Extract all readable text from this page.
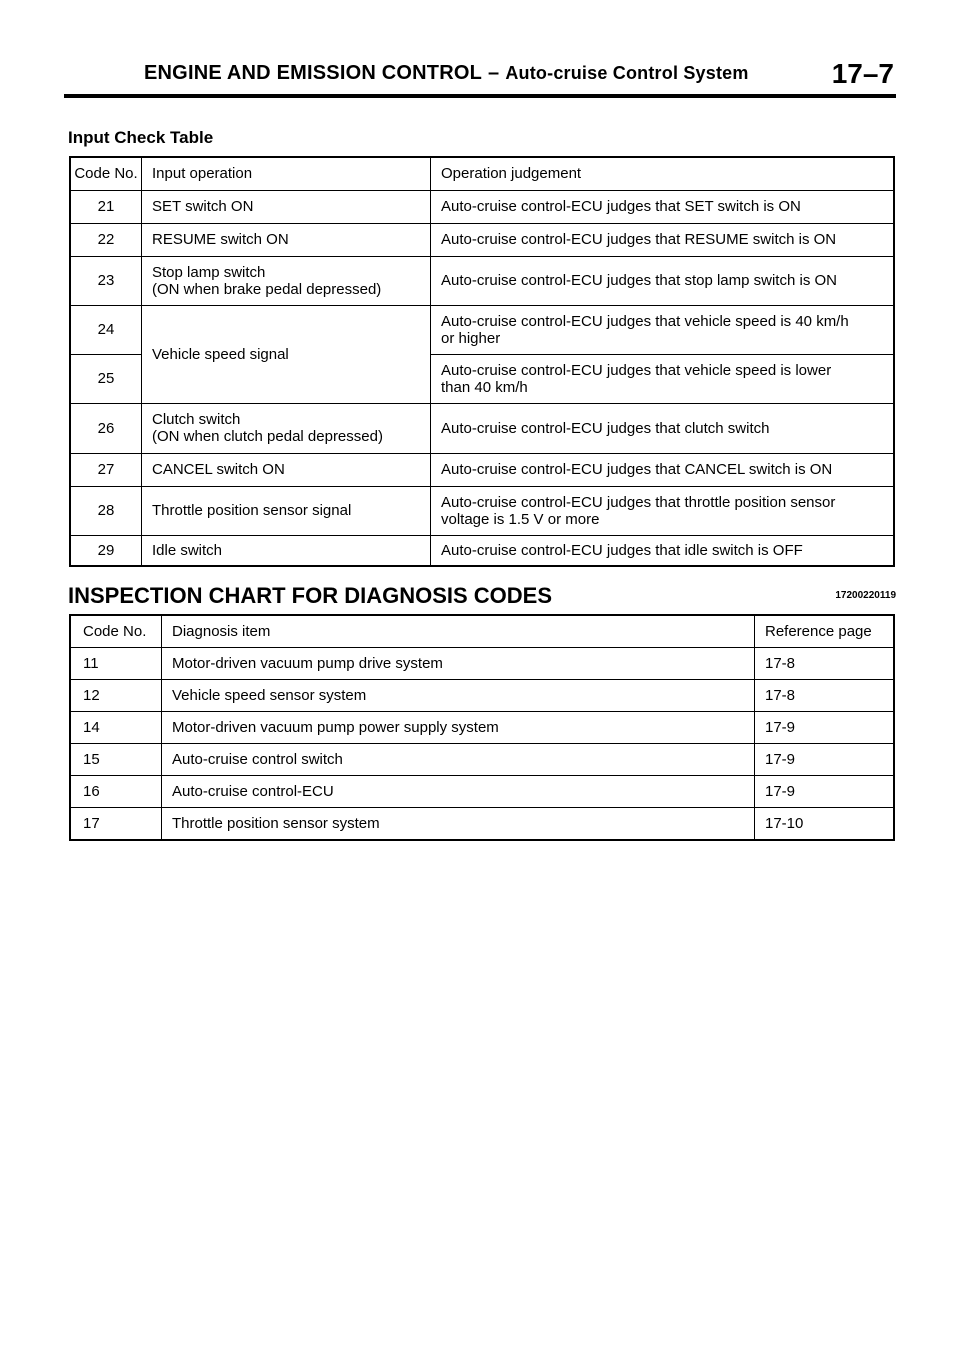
ENGINE AND EMISSION CONTROL – Auto-cruise Control System	17–7
Input Check Table
Code No.	Input operation	Operation judgement
21	SET switch ON	Auto-cruise control-ECU judges that SET switch is ON
22	RESUME switch ON	Auto-cruise control-ECU judges that RESUME switch is ON
23	Stop lamp switch
(ON when brake pedal depressed)	Auto-cruise control-ECU judges that stop lamp switch is ON
24	Vehicle speed signal	Auto-cruise control-ECU judges that vehicle speed is 40 km/h
or higher

25		Auto-cruise control-ECU judges that vehicle speed is lower
than 40 km/h

26	Clutch switch
(ON when clutch pedal depressed)	Auto-cruise control-ECU judges that clutch switch
27	CANCEL switch ON	Auto-cruise control-ECU judges that CANCEL switch is ON
28	Throttle position sensor signal	Auto-cruise control-ECU judges that throttle position sensor
voltage is 1.5 V or more

29	Idle switch	Auto-cruise control-ECU judges that idle switch is OFF
INSPECTION CHART FOR DIAGNOSIS CODES	17200220119
Code No.	Diagnosis item	Reference page
11	Motor-driven vacuum pump drive system	17-8
12	Vehicle speed sensor system	17-8
14	Motor-driven vacuum pump power supply system	17-9
15	Auto-cruise control switch	17-9
16	Auto-cruise control-ECU	17-9
17	Throttle position sensor system	17-10
